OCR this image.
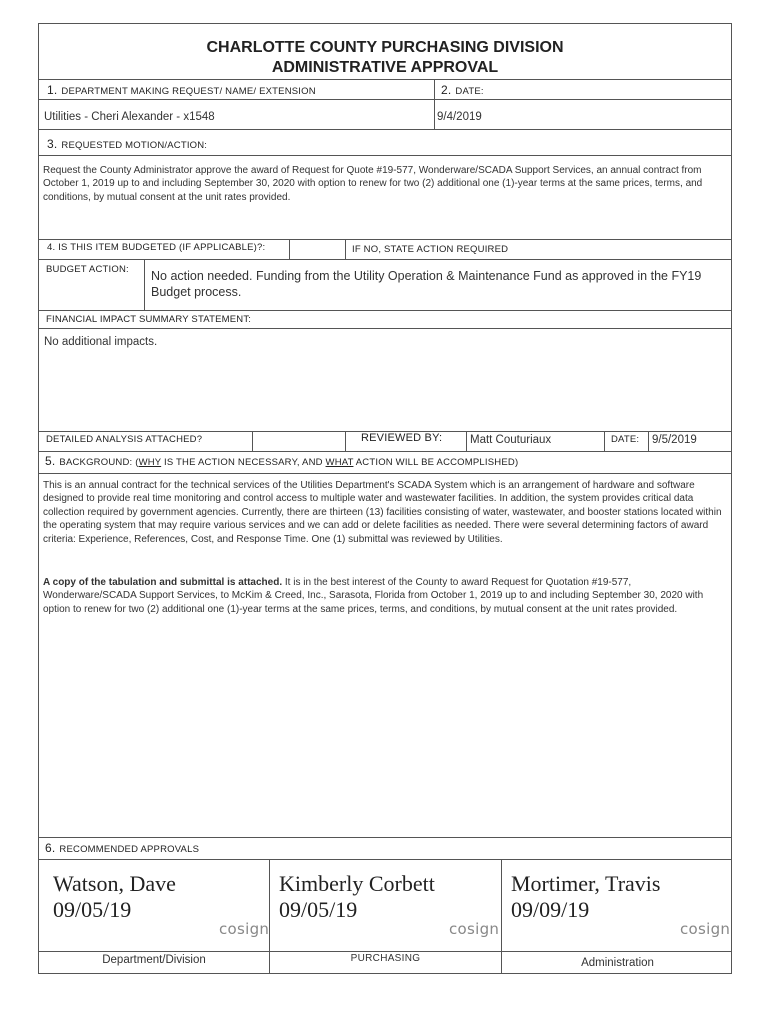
CHARLOTTE COUNTY PURCHASING DIVISION
ADMINISTRATIVE APPROVAL
1. DEPARTMENT MAKING REQUEST/ NAME/ EXTENSION	2. DATE:
Utilities - Cheri Alexander - x1548	9/4/2019
3. REQUESTED MOTION/ACTION:
Request the County Administrator approve the award of Request for Quote #19-577, Wonderware/SCADA Support Services, an annual contract from October 1, 2019 up to and including September 30, 2020 with option to renew for two (2) additional one (1)-year terms at the same prices, terms, and conditions, by mutual consent at the unit rates provided.
4. IS THIS ITEM BUDGETED (IF APPLICABLE)?:	IF NO, STATE ACTION REQUIRED
BUDGET ACTION: No action needed. Funding from the Utility Operation & Maintenance Fund as approved in the FY19 Budget process.
FINANCIAL IMPACT SUMMARY STATEMENT:
No additional impacts.
DETAILED ANALYSIS ATTACHED?	REVIEWED BY: Matt Couturiaux	DATE: 9/5/2019
5. BACKGROUND: (WHY IS THE ACTION NECESSARY, AND WHAT ACTION WILL BE ACCOMPLISHED)
This is an annual contract for the technical services of the Utilities Department's SCADA System which is an arrangement of hardware and software designed to provide real time monitoring and control access to multiple water and wastewater facilities. In addition, the system provides critical data collection required by government agencies. Currently, there are thirteen (13) facilities consisting of water, wastewater, and booster stations located within the operating system that may require various services and we can add or delete facilities as needed. There were several determining factors of award criteria: Experience, References, Cost, and Response Time. One (1) submittal was reviewed by Utilities.
A copy of the tabulation and submittal is attached. It is in the best interest of the County to award Request for Quotation #19-577, Wonderware/SCADA Support Services, to McKim & Creed, Inc., Sarasota, Florida from October 1, 2019 up to and including September 30, 2020 with option to renew for two (2) additional one (1)-year terms at the same prices, terms, and conditions, by mutual consent at the unit rates provided.
6. RECOMMENDED APPROVALS
Watson, Dave
09/05/19
cosign
Kimberly Corbett
09/05/19
cosign
Mortimer, Travis
09/09/19
cosign
Department/Division	PURCHASING	Administration
